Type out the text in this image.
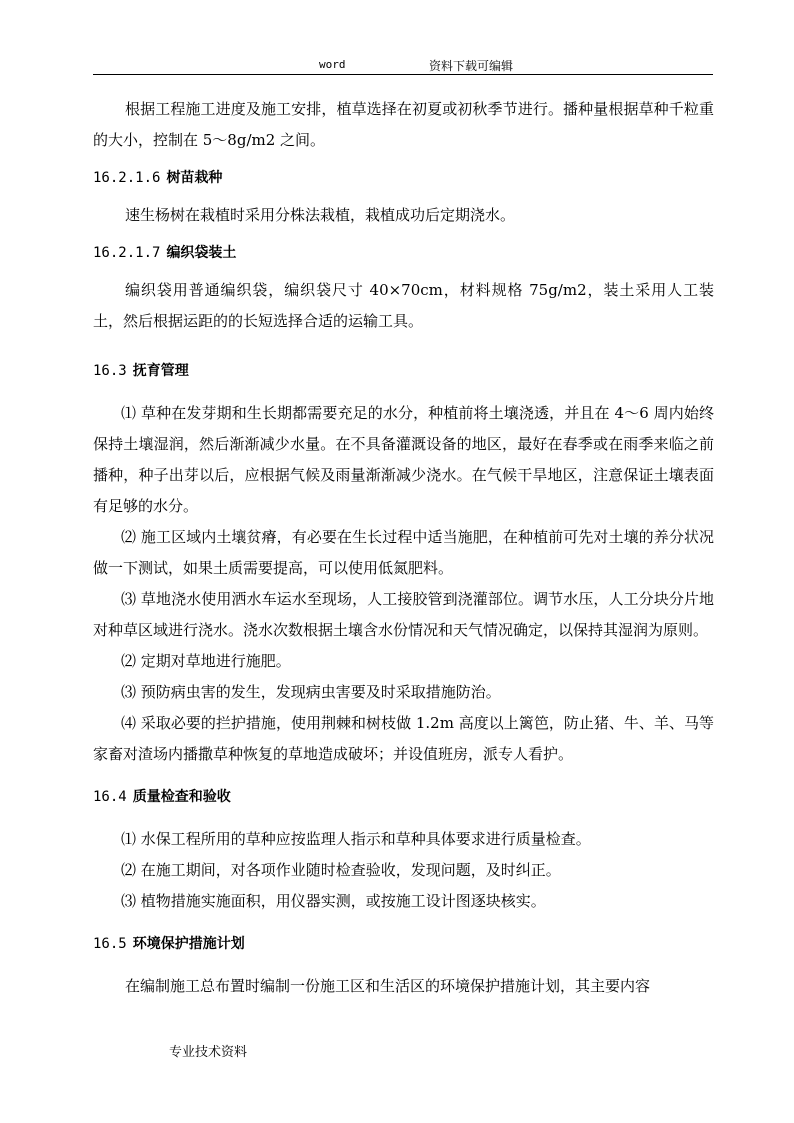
word	资料下载可编辑

根据工程施工进度及施工安排，植草选择在初夏或初秋季节进行。播种量根据草种千粒重的大小，控制在 5～8g/m2 之间。

16.2.1.6 树苗栽种

速生杨树在栽植时采用分株法栽植，栽植成功后定期浇水。

16.2.1.7 编织袋装土

编织袋用普通编织袋，编织袋尺寸 40×70cm，材料规格 75g/m2，装土采用人工装土，然后根据运距的的长短选择合适的运输工具。

16.3 抚育管理

⑴ 草种在发芽期和生长期都需要充足的水分，种植前将土壤浇透，并且在 4～6 周内始终保持土壤湿润，然后渐渐减少水量。在不具备灌溉设备的地区，最好在春季或在雨季来临之前播种，种子出芽以后，应根据气候及雨量渐渐减少浇水。在气候干旱地区，注意保证土壤表面有足够的水分。

⑵ 施工区域内土壤贫瘠，有必要在生长过程中适当施肥，在种植前可先对土壤的养分状况做一下测试，如果土质需要提高，可以使用低氮肥料。

⑶ 草地浇水使用洒水车运水至现场，人工接胶管到浇灌部位。调节水压，人工分块分片地对种草区域进行浇水。浇水次数根据土壤含水份情况和天气情况确定，以保持其湿润为原则。

⑵ 定期对草地进行施肥。

⑶ 预防病虫害的发生，发现病虫害要及时采取措施防治。

⑷ 采取必要的拦护措施，使用荆棘和树枝做 1.2m 高度以上篱笆，防止猪、牛、羊、马等家畜对渣场内播撒草种恢复的草地造成破坏；并设值班房，派专人看护。

16.4 质量检查和验收

⑴ 水保工程所用的草种应按监理人指示和草种具体要求进行质量检查。

⑵ 在施工期间，对各项作业随时检查验收，发现问题，及时纠正。

⑶ 植物措施实施面积，用仪器实测，或按施工设计图逐块核实。

16.5 环境保护措施计划

在编制施工总布置时编制一份施工区和生活区的环境保护措施计划，其主要内容

专业技术资料
